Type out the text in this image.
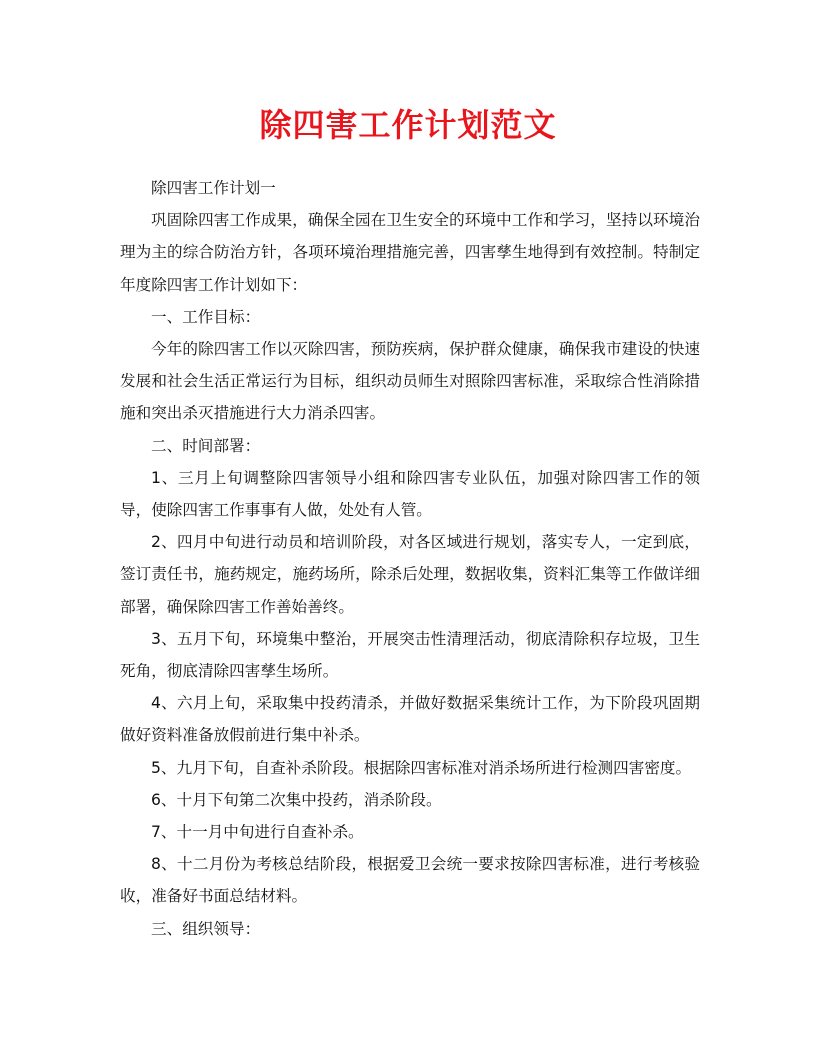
除四害工作计划范文

除四害工作计划一

巩固除四害工作成果，确保全园在卫生安全的环境中工作和学习，坚持以环境治理为主的综合防治方针，各项环境治理措施完善，四害孳生地得到有效控制。特制定年度除四害工作计划如下：

一、工作目标：

今年的除四害工作以灭除四害，预防疾病，保护群众健康，确保我市建设的快速发展和社会生活正常运行为目标，组织动员师生对照除四害标准，采取综合性消除措施和突出杀灭措施进行大力消杀四害。

二、时间部署：

1、三月上旬调整除四害领导小组和除四害专业队伍，加强对除四害工作的领导，使除四害工作事事有人做，处处有人管。

2、四月中旬进行动员和培训阶段，对各区域进行规划，落实专人，一定到底，签订责任书，施药规定，施药场所，除杀后处理，数据收集，资料汇集等工作做详细部署，确保除四害工作善始善终。

3、五月下旬，环境集中整治，开展突击性清理活动，彻底清除积存垃圾，卫生死角，彻底清除四害孳生场所。

4、六月上旬，采取集中投药清杀，并做好数据采集统计工作，为下阶段巩固期做好资料准备放假前进行集中补杀。

5、九月下旬，自查补杀阶段。根据除四害标准对消杀场所进行检测四害密度。

6、十月下旬第二次集中投药，消杀阶段。

7、十一月中旬进行自查补杀。

8、十二月份为考核总结阶段，根据爱卫会统一要求按除四害标准，进行考核验收，准备好书面总结材料。

三、组织领导：
